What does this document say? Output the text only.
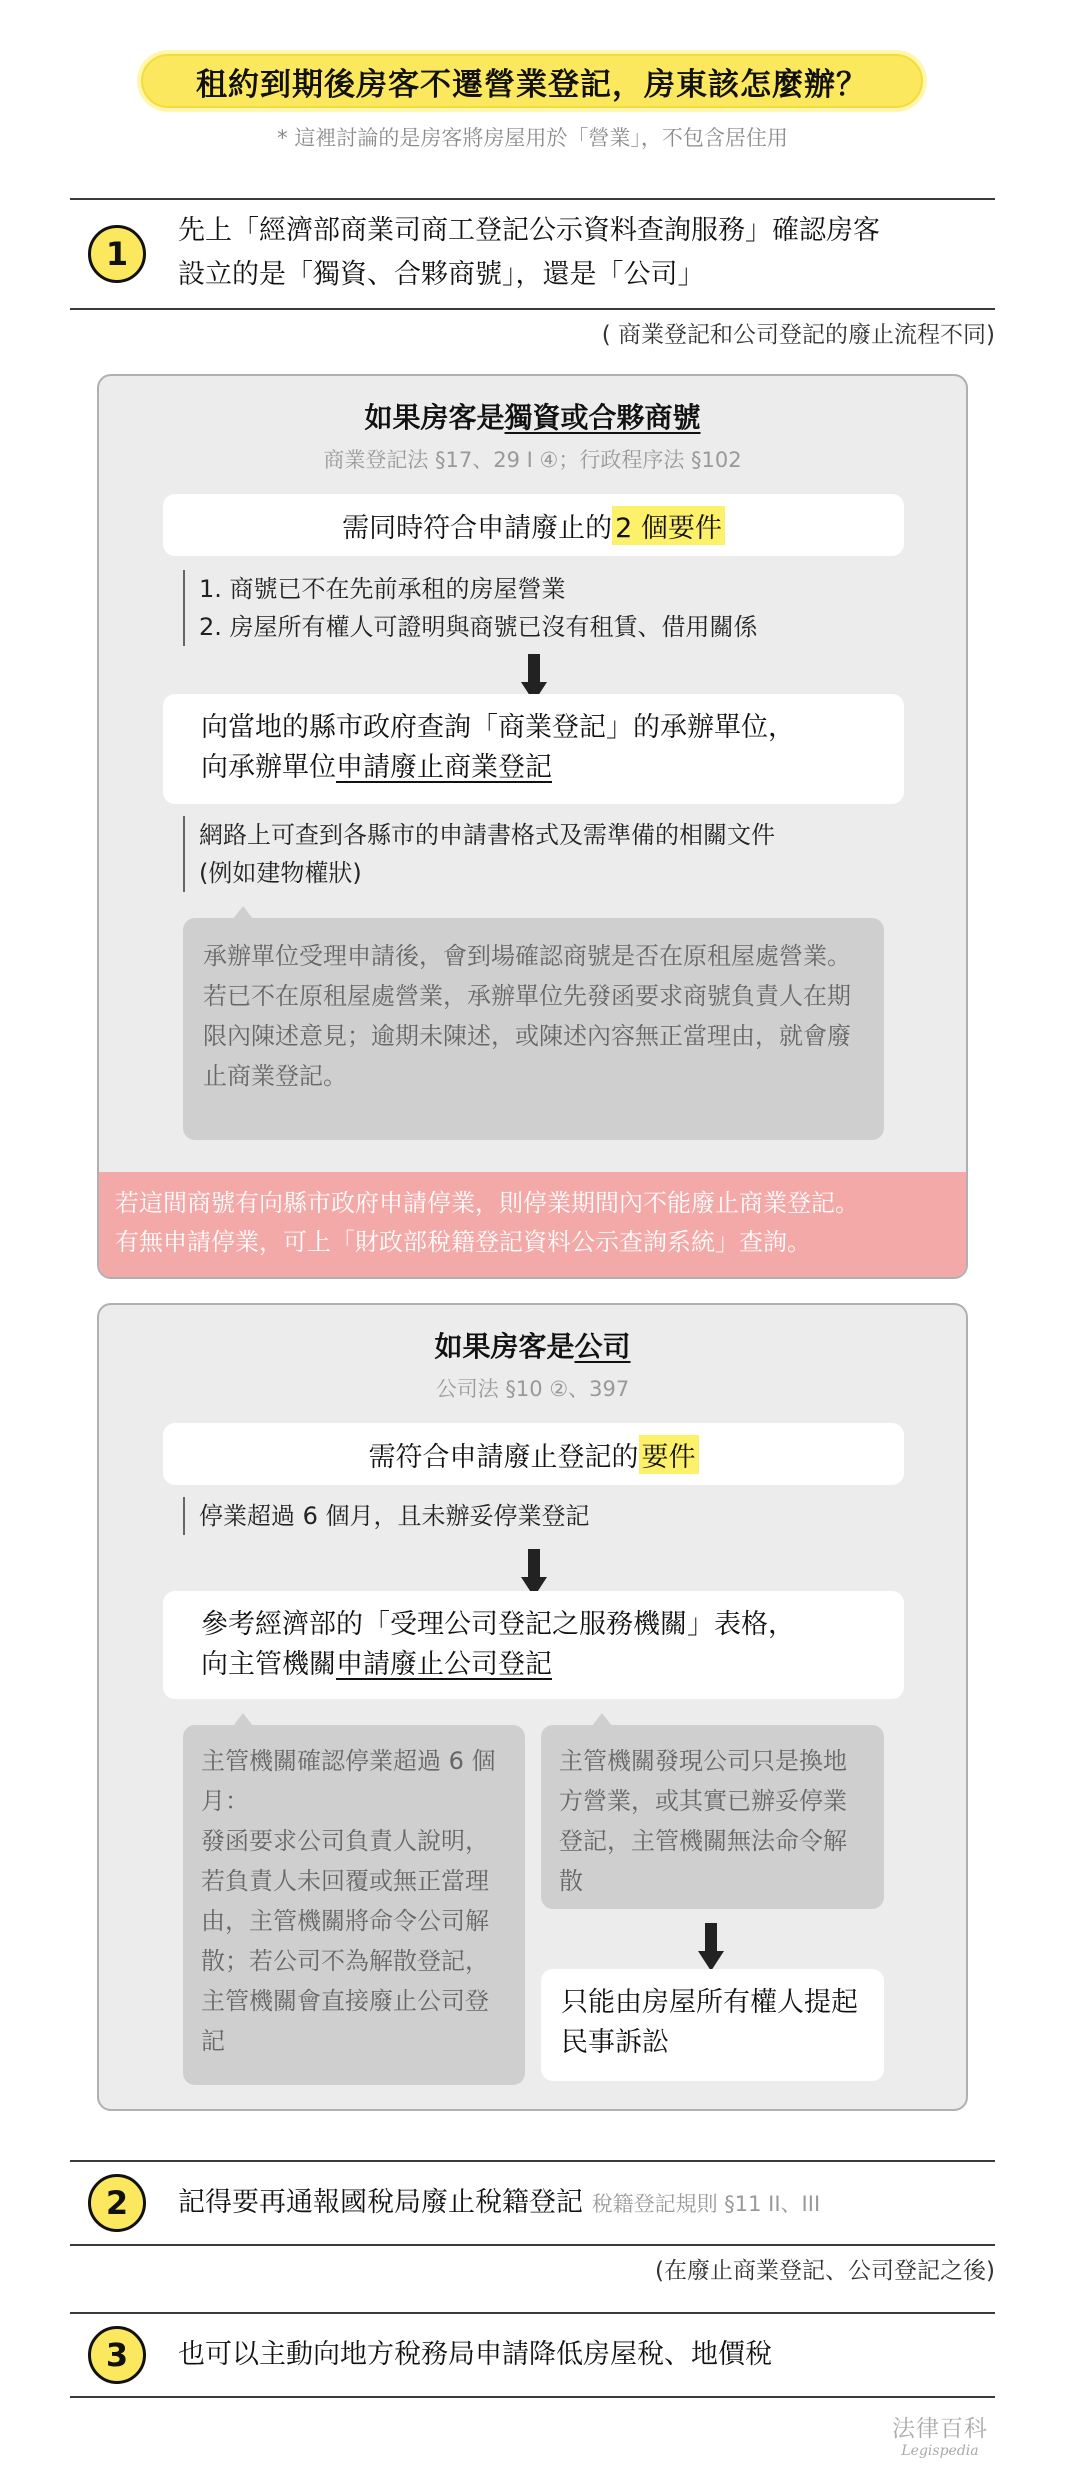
租約到期後房客不遷營業登記，房東該怎麼辦？
* 這裡討論的是房客將房屋用於「營業」，不包含居住用
1
先上「經濟部商業司商工登記公示資料查詢服務」確認房客
設立的是「獨資、合夥商號」，還是「公司」
( 商業登記和公司登記的廢止流程不同)
如果房客是獨資或合夥商號
商業登記法 §17、29 I ④；行政程序法 §102
需同時符合申請廢止的 2 個要件
1. 商號已不在先前承租的房屋營業
2. 房屋所有權人可證明與商號已沒有租賃、借用關係
向當地的縣市政府查詢「商業登記」的承辦單位，
向承辦單位申請廢止商業登記
網路上可查到各縣市的申請書格式及需準備的相關文件
(例如建物權狀)
承辦單位受理申請後，會到場確認商號是否在原租屋處營業。
若已不在原租屋處營業，承辦單位先發函要求商號負責人在期限內陳述意見；逾期未陳述，或陳述內容無正當理由，就會廢止商業登記。
若這間商號有向縣市政府申請停業，則停業期間內不能廢止商業登記。
有無申請停業，可上「財政部稅籍登記資料公示查詢系統」查詢。
如果房客是公司
公司法 §10 ②、397
需符合申請廢止登記的 要件
停業超過 6 個月，且未辦妥停業登記
參考經濟部的「受理公司登記之服務機關」表格，
向主管機關申請廢止公司登記
主管機關確認停業超過 6 個月：
發函要求公司負責人說明，若負責人未回覆或無正當理由，主管機關將命令公司解散；若公司不為解散登記，主管機關會直接廢止公司登記
主管機關發現公司只是換地方營業，或其實已辦妥停業登記，主管機關無法命令解散
只能由房屋所有權人提起民事訴訟
2 記得要再通報國稅局廢止稅籍登記 稅籍登記規則 §11 II、III
(在廢止商業登記、公司登記之後)
3 也可以主動向地方稅務局申請降低房屋稅、地價稅
法律百科
Legispedia
